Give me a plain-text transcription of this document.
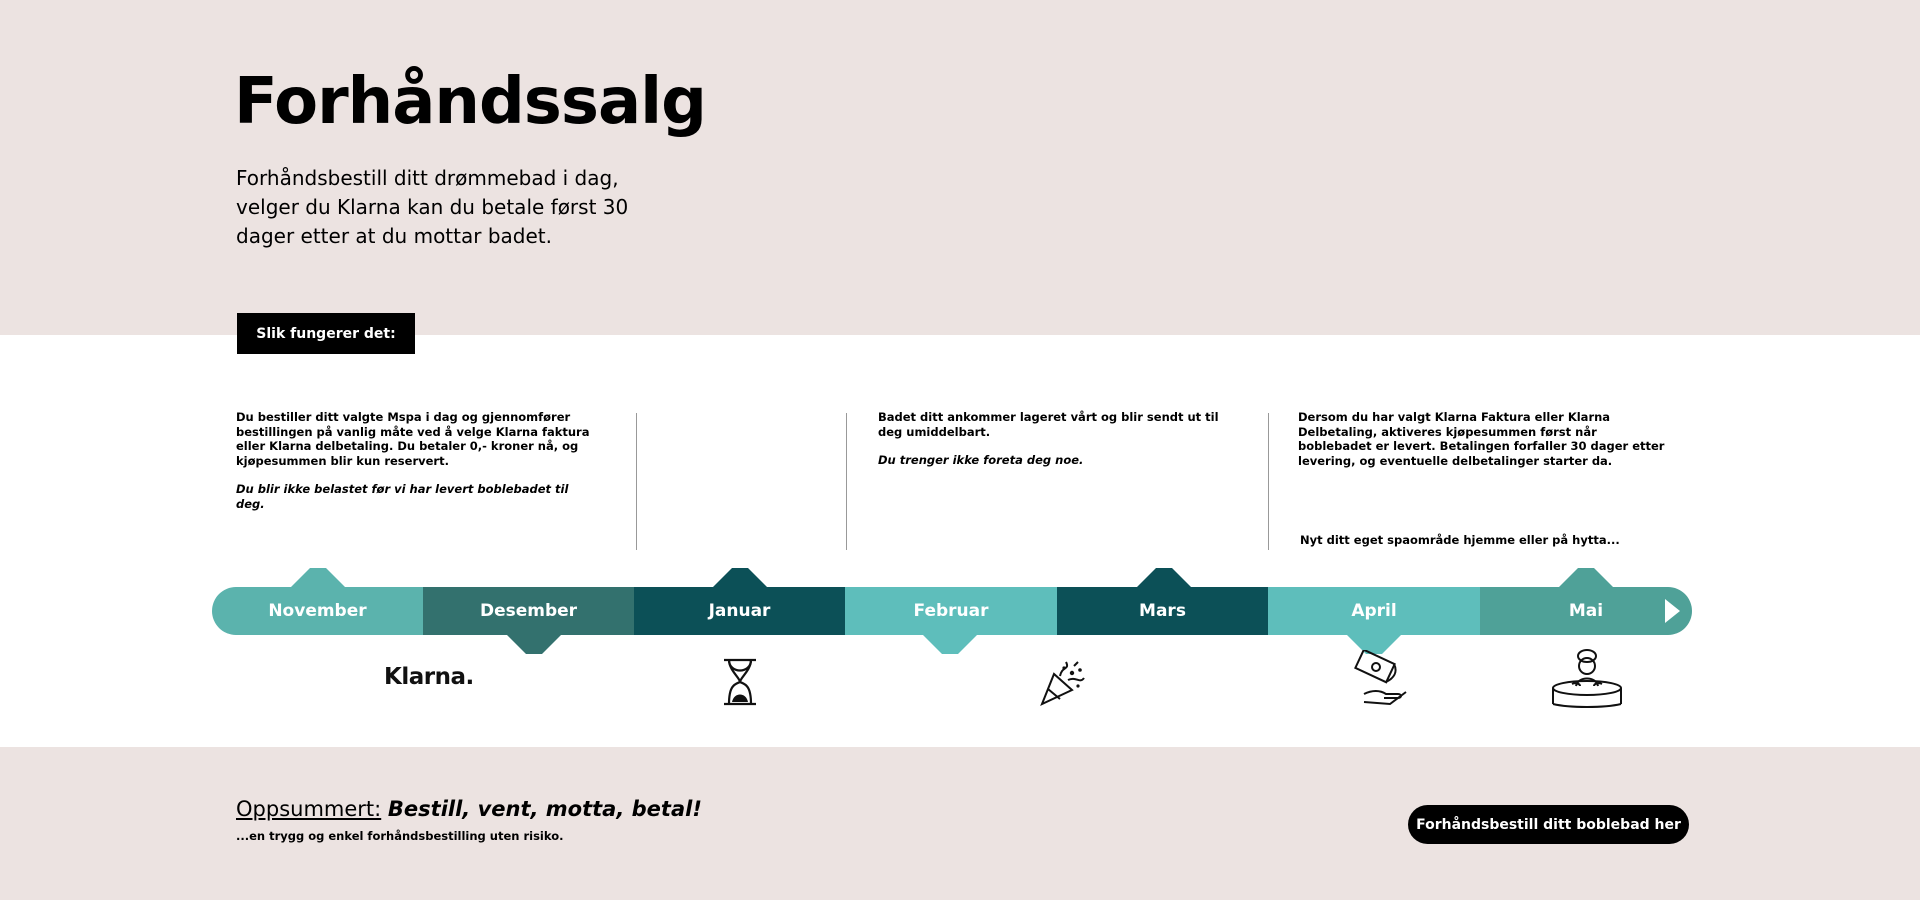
Forhåndssalg

Forhåndsbestill ditt drømmebad i dag, velger du Klarna kan du betale først 30 dager etter at du mottar badet.

Slik fungerer det:

Du bestiller ditt valgte Mspa i dag og gjennomfører bestillingen på vanlig måte ved å velge Klarna faktura eller Klarna delbetaling. Du betaler 0,- kroner nå, og kjøpesummen blir kun reservert.

Du blir ikke belastet før vi har levert boblebadet til deg.

Badet ditt ankommer lageret vårt og blir sendt ut til deg umiddelbart.

Du trenger ikke foreta deg noe.

Dersom du har valgt Klarna Faktura eller Klarna Delbetaling, aktiveres kjøpesummen først når boblebadet er levert. Betalingen forfaller 30 dager etter levering, og eventuelle delbetalinger starter da.

Nyt ditt eget spaområde hjemme eller på hytta...
November	Desember	Januar	Februar	Mars	April	Mai
Klarna.

Oppsummert: Bestill, vent, motta, betal!

...en trygg og enkel forhåndsbestilling uten risiko.
Forhåndsbestill ditt boblebad her
